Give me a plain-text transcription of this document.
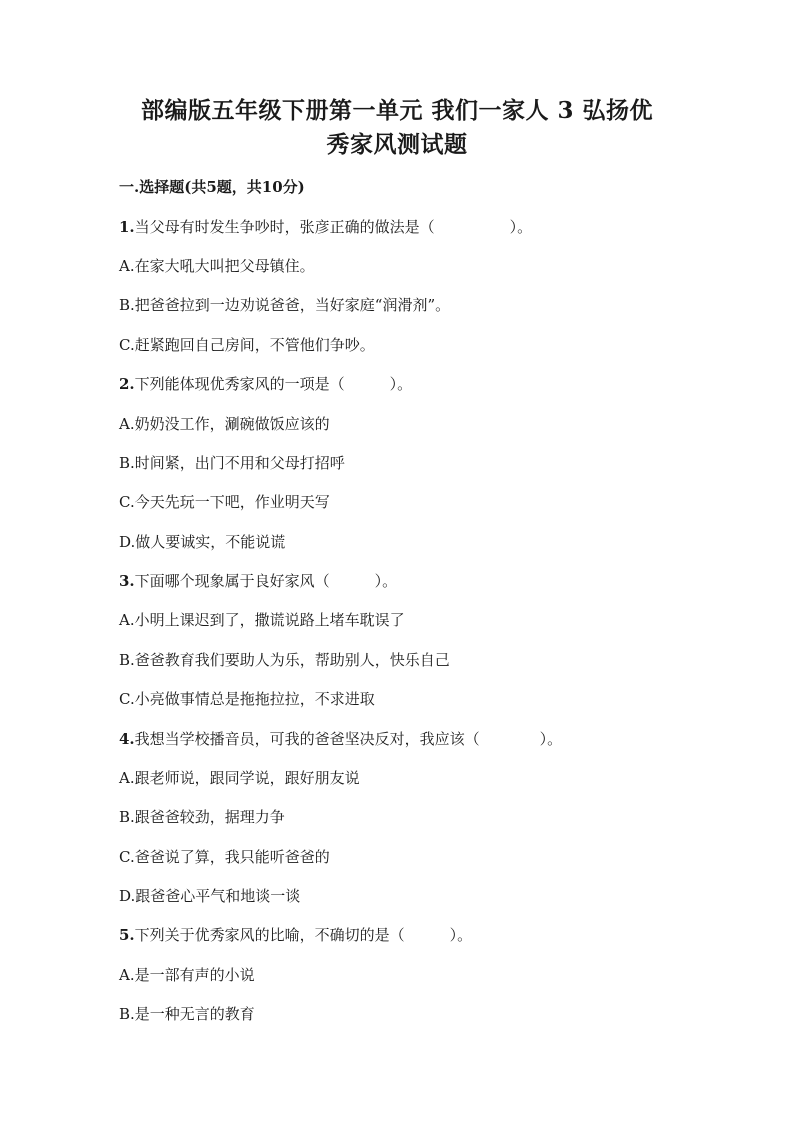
部编版五年级下册第一单元 我们一家人 3 弘扬优
秀家风测试题
一.选择题(共5题，共10分)
1.当父母有时发生争吵时，张彦正确的做法是（　　　　　）。
A.在家大吼大叫把父母镇住。
B.把爸爸拉到一边劝说爸爸，当好家庭“润滑剂”。
C.赶紧跑回自己房间，不管他们争吵。
2.下列能体现优秀家风的一项是（　　　）。
A.奶奶没工作，涮碗做饭应该的
B.时间紧，出门不用和父母打招呼
C.今天先玩一下吧，作业明天写
D.做人要诚实，不能说谎
3.下面哪个现象属于良好家风（　　　）。
A.小明上课迟到了，撒谎说路上堵车耽误了
B.爸爸教育我们要助人为乐，帮助别人，快乐自己
C.小亮做事情总是拖拖拉拉，不求进取
4.我想当学校播音员，可我的爸爸坚决反对，我应该（　　　　）。
A.跟老师说，跟同学说，跟好朋友说
B.跟爸爸较劲，据理力争
C.爸爸说了算，我只能听爸爸的
D.跟爸爸心平气和地谈一谈
5.下列关于优秀家风的比喻，不确切的是（　　　）。
A.是一部有声的小说
B.是一种无言的教育
